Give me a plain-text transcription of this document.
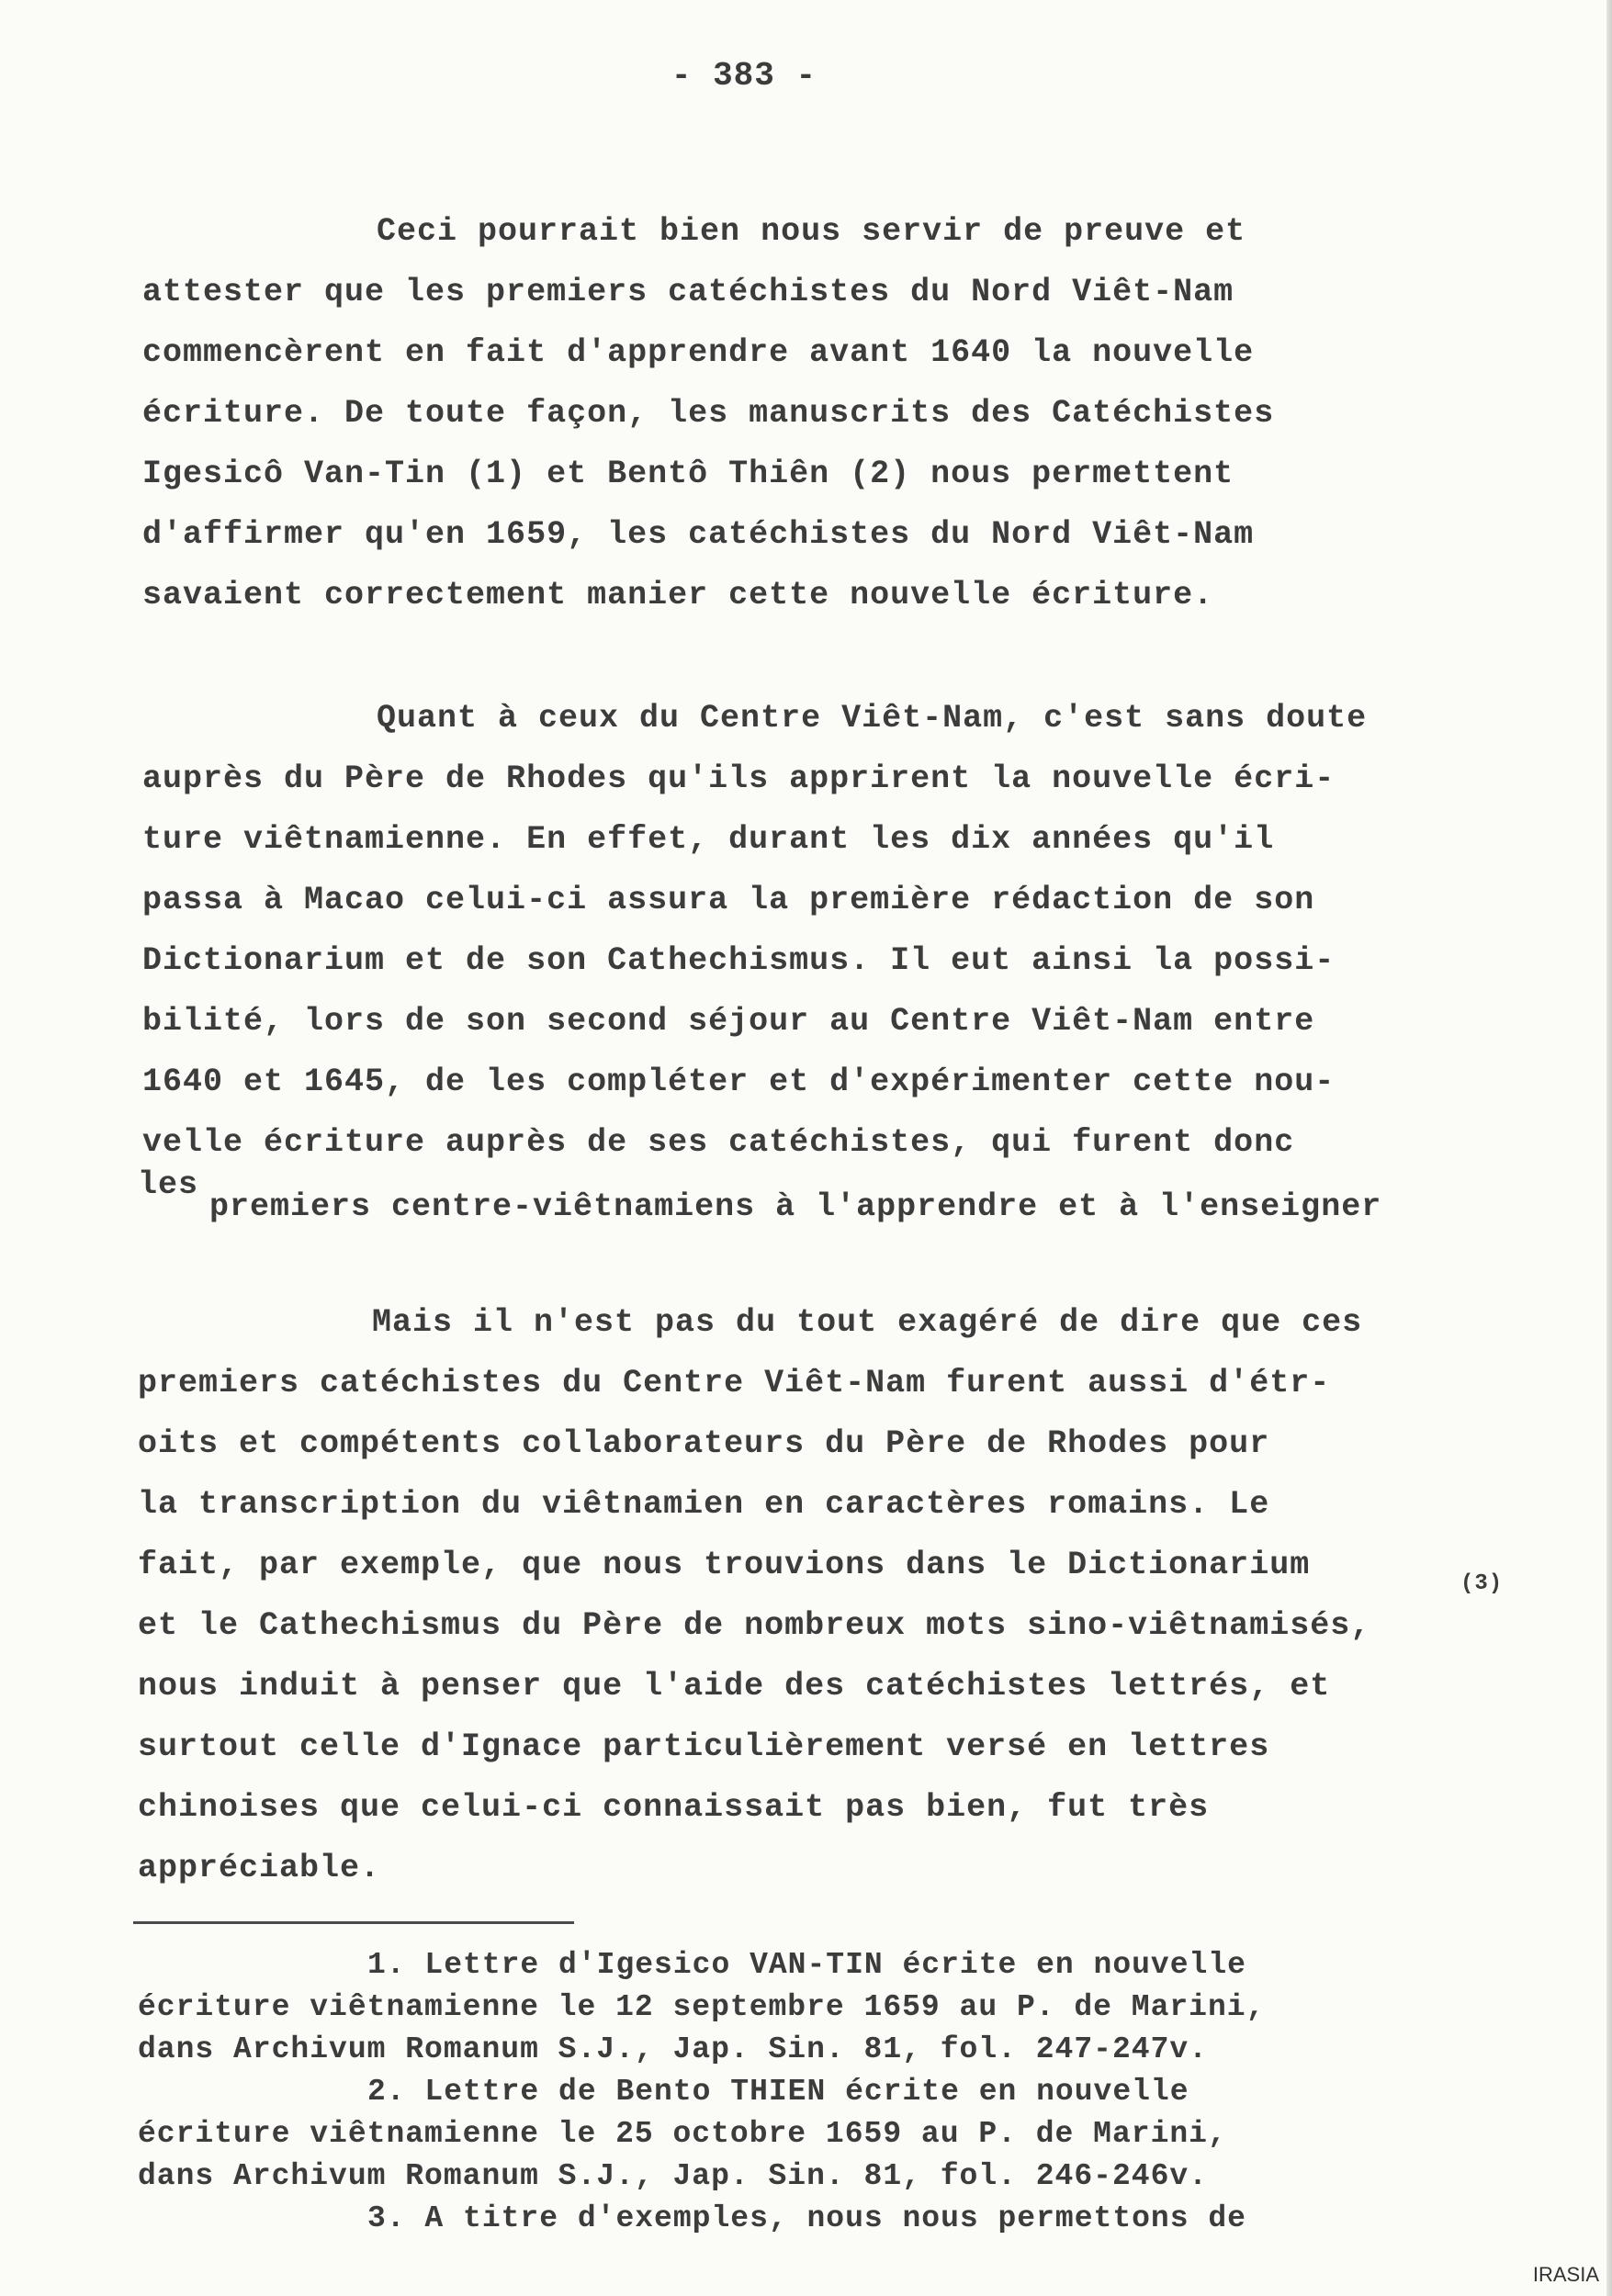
- 383 -
Ceci pourrait bien nous servir de preuve et
attester que les premiers catéchistes du Nord Viêt-Nam
commencèrent en fait d'apprendre avant 1640 la nouvelle
écriture. De toute façon, les manuscrits des Catéchistes
Igesicô Van-Tin (1) et Bentô Thiên (2) nous permettent
d'affirmer qu'en 1659, les catéchistes du Nord Viêt-Nam
savaient correctement manier cette nouvelle écriture.
Quant à ceux du Centre Viêt-Nam, c'est sans doute
auprès du Père de Rhodes qu'ils apprirent la nouvelle écri-
ture viêtnamienne. En effet, durant les dix années qu'il
passa à Macao celui-ci assura la première rédaction de son
Dictionarium et de son Cathechismus. Il eut ainsi la possi-
bilité, lors de son second séjour au Centre Viêt-Nam entre
1640 et 1645, de les compléter et d'expérimenter cette nou-
velle écriture auprès de ses catéchistes, qui furent donc
les
premiers centre-viêtnamiens à l'apprendre et à l'enseigner
Mais il n'est pas du tout exagéré de dire que ces
premiers catéchistes du Centre Viêt-Nam furent aussi d'étr-
oits et compétents collaborateurs du Père de Rhodes pour
la transcription du viêtnamien en caractères romains. Le
fait, par exemple, que nous trouvions dans le Dictionarium
(3)
et le Cathechismus du Père de nombreux mots sino-viêtnamisés,
nous induit à penser que l'aide des catéchistes lettrés, et
surtout celle d'Ignace particulièrement versé en lettres
chinoises que celui-ci connaissait pas bien, fut très
appréciable.
1. Lettre d'Igesico VAN-TIN écrite en nouvelle
écriture viêtnamienne le 12 septembre 1659 au P. de Marini,
dans Archivum Romanum S.J., Jap. Sin. 81, fol. 247-247v.
2. Lettre de Bento THIEN écrite en nouvelle
écriture viêtnamienne le 25 octobre 1659 au P. de Marini,
dans Archivum Romanum S.J., Jap. Sin. 81, fol. 246-246v.
3. A titre d'exemples, nous nous permettons de
IRASIA
